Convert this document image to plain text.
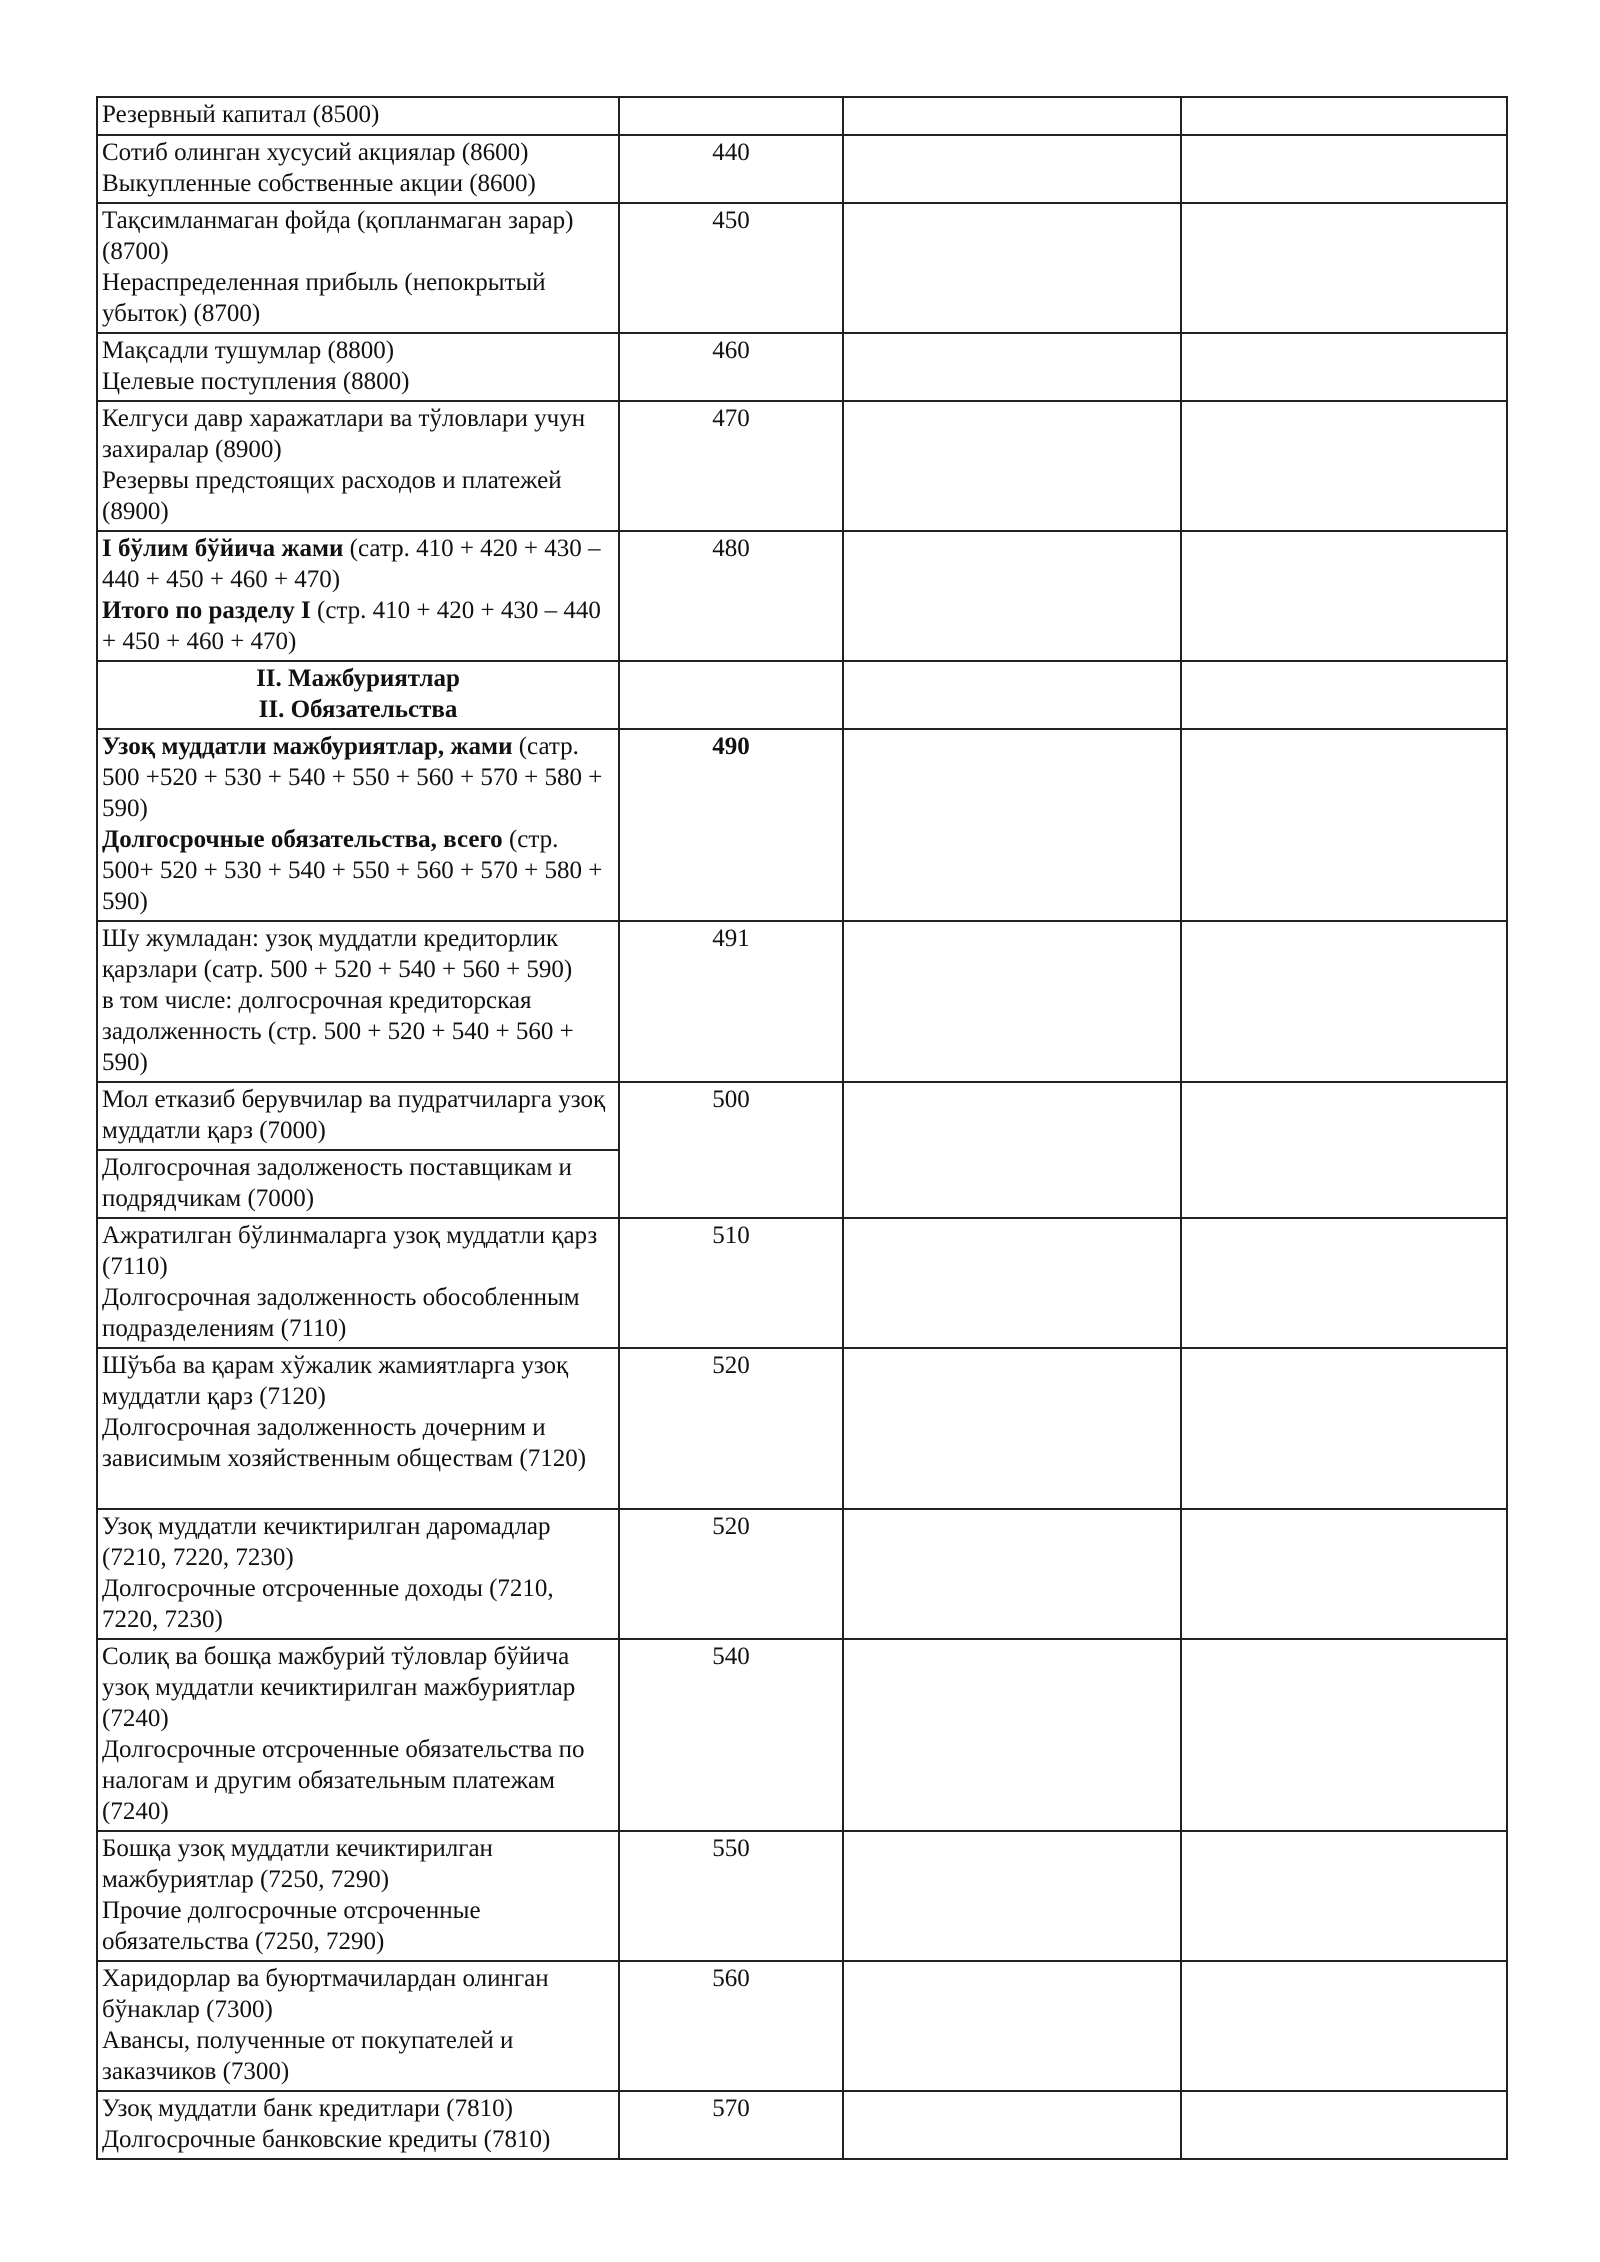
Резервный капитал (8500)			

Сотиб олинган хусусий акциялар (8600)
Выкупленные собственные акции (8600)	440		

Тақсимланмаган фойда (қопланмаган зарар) (8700)
Нераспределенная прибыль (непокрытый убыток) (8700)	450		

Мақсадли тушумлар (8800)
Целевые поступления (8800)	460		

Келгуси давр харажатлари ва тўловлари учун захиралар (8900)
Резервы предстоящих расходов и платежей (8900)	470		

I бўлим бўйича жами (сатр. 410 + 420 + 430 – 440 + 450 + 460 + 470)
Итого по разделу I (стр. 410 + 420 + 430 – 440 + 450 + 460 + 470)	480		

II. Мажбуриятлар
II. Обязательства			

Узоқ муддатли мажбуриятлар, жами (сатр. 500 +520 + 530 + 540 + 550 + 560 + 570 + 580 + 590)
Долгосрочные обязательства, всего (стр. 500+ 520 + 530 + 540 + 550 + 560 + 570 + 580 + 590)	490		

Шу жумладан: узоқ муддатли кредиторлик қарзлари (сатр. 500 + 520 + 540 + 560 + 590)
в том числе: долгосрочная кредиторская задолженность (стр. 500 + 520 + 540 + 560 + 590)	491		

Мол етказиб берувчилар ва пудратчиларга узоқ муддатли қарз (7000)	500		

Долгосрочная задолженость поставщикам и подрядчикам (7000)			

Ажратилган бўлинмаларга узоқ муддатли қарз (7110)
Долгосрочная задолженность обособленным подразделениям (7110)	510		

Шўъба ва қарам хўжалик жамиятларга узоқ муддатли қарз (7120)
Долгосрочная задолженность дочерним и зависимым хозяйственным обществам (7120)	520		

Узоқ муддатли кечиктирилган даромадлар (7210, 7220, 7230)
Долгосрочные отсроченные доходы (7210, 7220, 7230)	520		

Солиқ ва бошқа мажбурий тўловлар бўйича узоқ муддатли кечиктирилган мажбуриятлар (7240)
Долгосрочные отсроченные обязательства по налогам и другим обязательным платежам (7240)	540		

Бошқа узоқ муддатли кечиктирилган мажбуриятлар (7250, 7290)
Прочие долгосрочные отсроченные обязательства (7250, 7290)	550		

Харидорлар ва буюртмачилардан олинган бўнаклар (7300)
Авансы, полученные от покупателей и заказчиков (7300)	560		

Узоқ муддатли банк кредитлари (7810)
Долгосрочные банковские кредиты (7810)	570		
